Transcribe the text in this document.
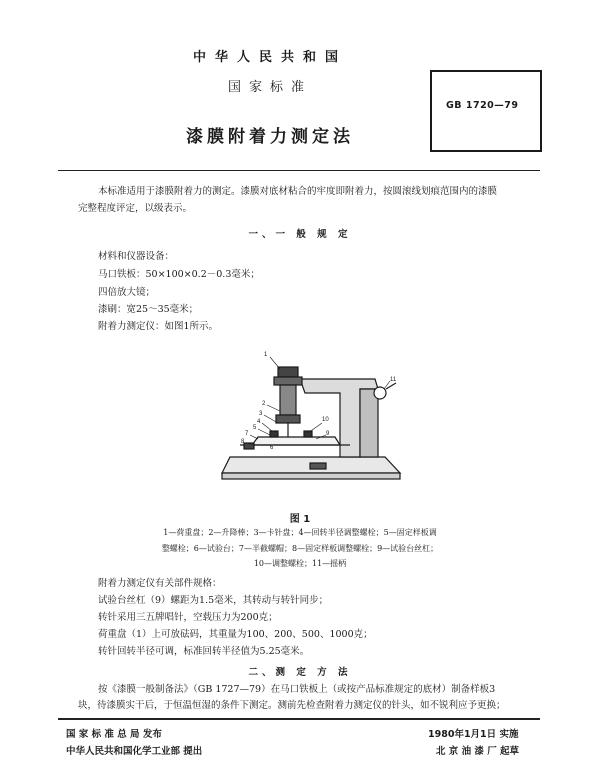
中华人民共和国
国家标准
漆膜附着力测定法
GB 1720—79
本标准适用于漆膜附着力的测定。漆膜对底材粘合的牢度即附着力，按圆滚线划痕范围内的漆膜
完整程度评定，以级表示。
一、一 般 规 定
材料和仪器设备：
马口铁板：50×100×0.2－0.3毫米；
四倍放大镜；
漆刷：宽25～35毫米；
附着力测定仪：如图1所示。
1
11
2
3
4
5
7
8
10
9
6
图 1
1—荷重盘；2—升降棒；3—卡针盘；4—回转半径调整螺栓；5—固定样板调
整螺栓；6—试验台；7—半截螺帽；8—固定样板调整螺栓；9—试验台丝杠；
10—调整螺栓；11—摇柄
附着力测定仪有关部件规格：
试验台丝杠（9）螺距为1.5毫米，其转动与转针同步；
转针采用三五牌唱针，空载压力为200克；
荷重盘（1）上可放砝码，其重量为100、200、500、1000克；
转针回转半径可调，标准回转半径值为5.25毫米。
二、测 定 方 法
按《漆膜一般制备法》（GB 1727—79）在马口铁板上（或按产品标准规定的底材）制备样板3
块，待漆膜实干后，于恒温恒湿的条件下测定。测前先检查附着力测定仪的针头，如不锐利应予更换；
国 家 标 准 总 局 发布	1980年1月1日 实施
中华人民共和国化学工业部 提出	北 京 油 漆 厂 起草
